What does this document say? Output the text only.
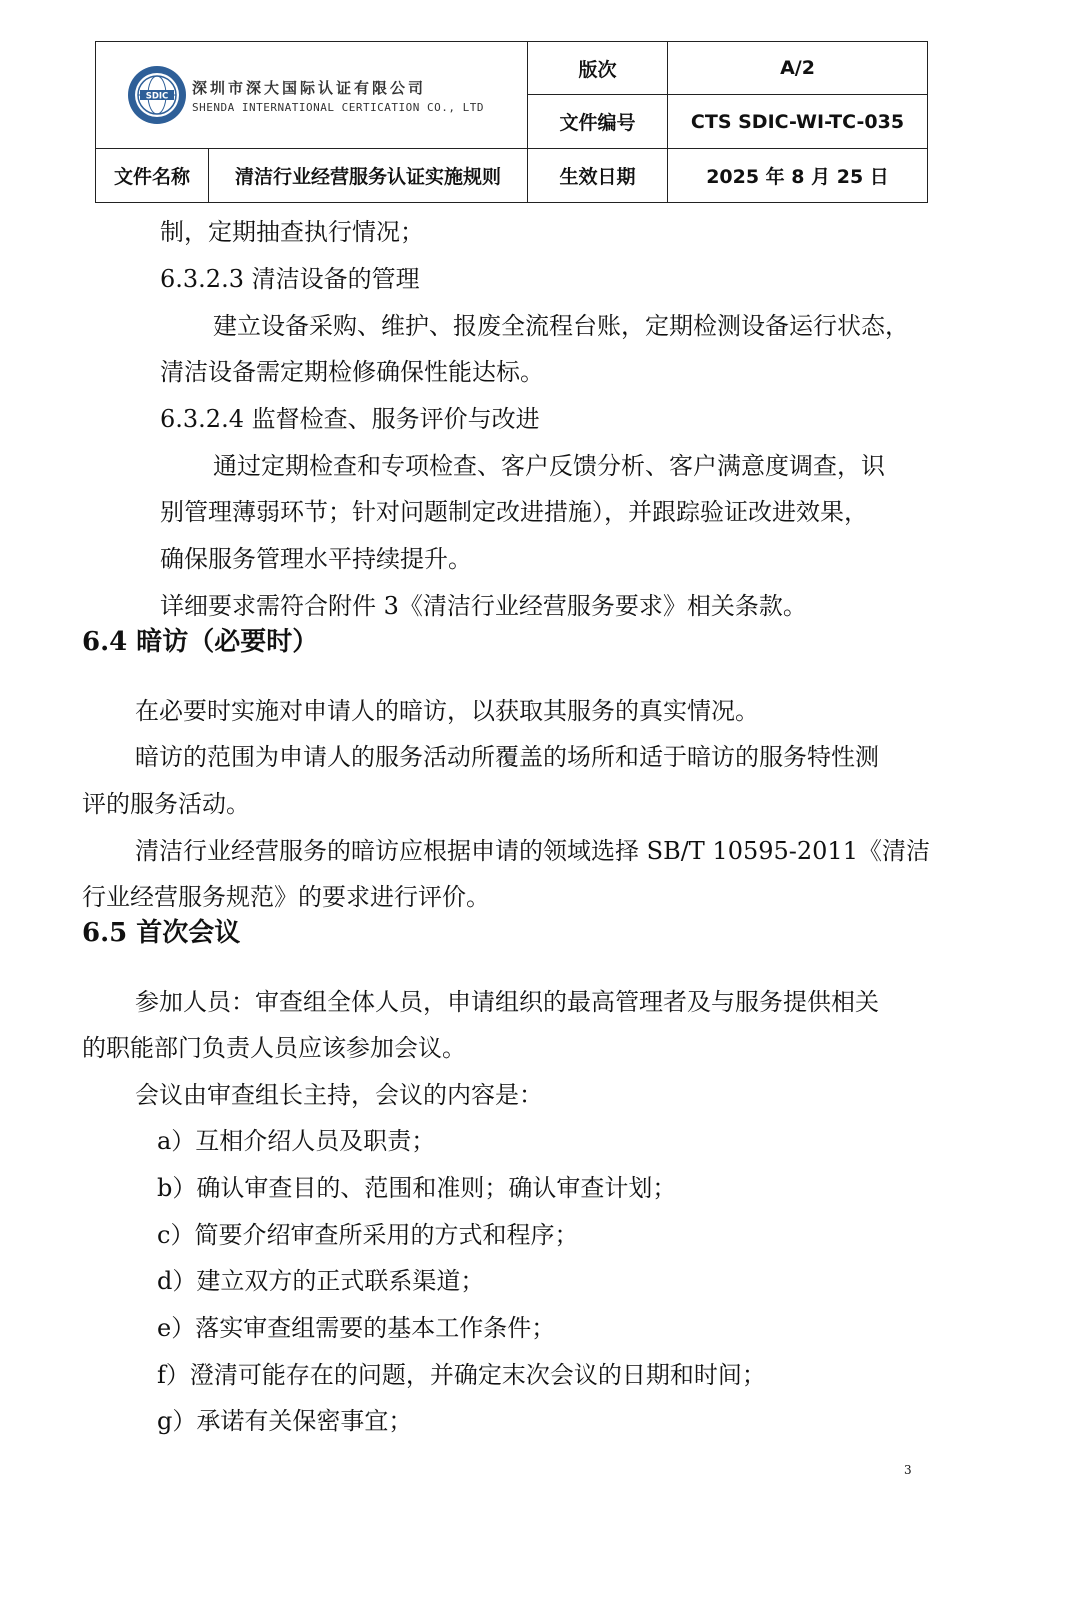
SDIC 深圳市深大国际认证有限公司
SHENDA INTERNATIONAL CERTICATION CO., LTD		版次	A/2
		文件编号	CTS SDIC-WI-TC-035
文件名称	清洁行业经营服务认证实施规则	生效日期	2025 年 8 月 25 日
制，定期抽查执行情况；
6.3.2.3 清洁设备的管理
建立设备采购、维护、报废全流程台账，定期检测设备运行状态，
清洁设备需定期检修确保性能达标。
6.3.2.4 监督检查、服务评价与改进
通过定期检查和专项检查、客户反馈分析、客户满意度调查，识
别管理薄弱环节；针对问题制定改进措施），并跟踪验证改进效果，
确保服务管理水平持续提升。
详细要求需符合附件 3《清洁行业经营服务要求》相关条款。
6.4 暗访（必要时）
在必要时实施对申请人的暗访，以获取其服务的真实情况。
暗访的范围为申请人的服务活动所覆盖的场所和适于暗访的服务特性测
评的服务活动。
清洁行业经营服务的暗访应根据申请的领域选择 SB/T 10595-2011《清洁
行业经营服务规范》的要求进行评价。
6.5 首次会议
参加人员：审查组全体人员，申请组织的最高管理者及与服务提供相关
的职能部门负责人员应该参加会议。
会议由审查组长主持，会议的内容是：
a）互相介绍人员及职责；
b）确认审查目的、范围和准则；确认审查计划；
c）简要介绍审查所采用的方式和程序；
d）建立双方的正式联系渠道；
e）落实审查组需要的基本工作条件；
f）澄清可能存在的问题，并确定末次会议的日期和时间；
g）承诺有关保密事宜；
3
